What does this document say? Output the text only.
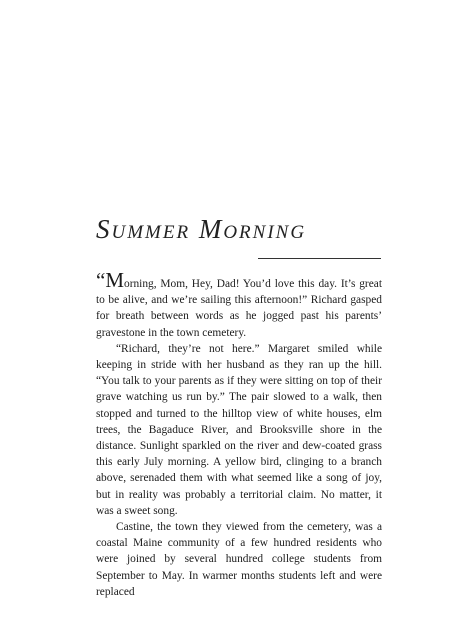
Summer Morning

“Morning, Mom, Hey, Dad! You’d love this day. It’s great to be alive, and we’re sailing this afternoon!” Richard gasped for breath between words as he jogged past his parents’ gravestone in the town cemetery.

“Richard, they’re not here.” Margaret smiled while keeping in stride with her husband as they ran up the hill. “You talk to your parents as if they were sitting on top of their grave watching us run by.” The pair slowed to a walk, then stopped and turned to the hilltop view of white houses, elm trees, the Bagaduce River, and Brooksville shore in the distance. Sunlight sparkled on the river and dew-coated grass this early July morning. A yellow bird, clinging to a branch above, serenaded them with what seemed like a song of joy, but in reality was probably a territorial claim. No matter, it was a sweet song.

Castine, the town they viewed from the cemetery, was a coastal Maine community of a few hundred residents who were joined by several hundred college students from September to May. In warmer months students left and were replaced
